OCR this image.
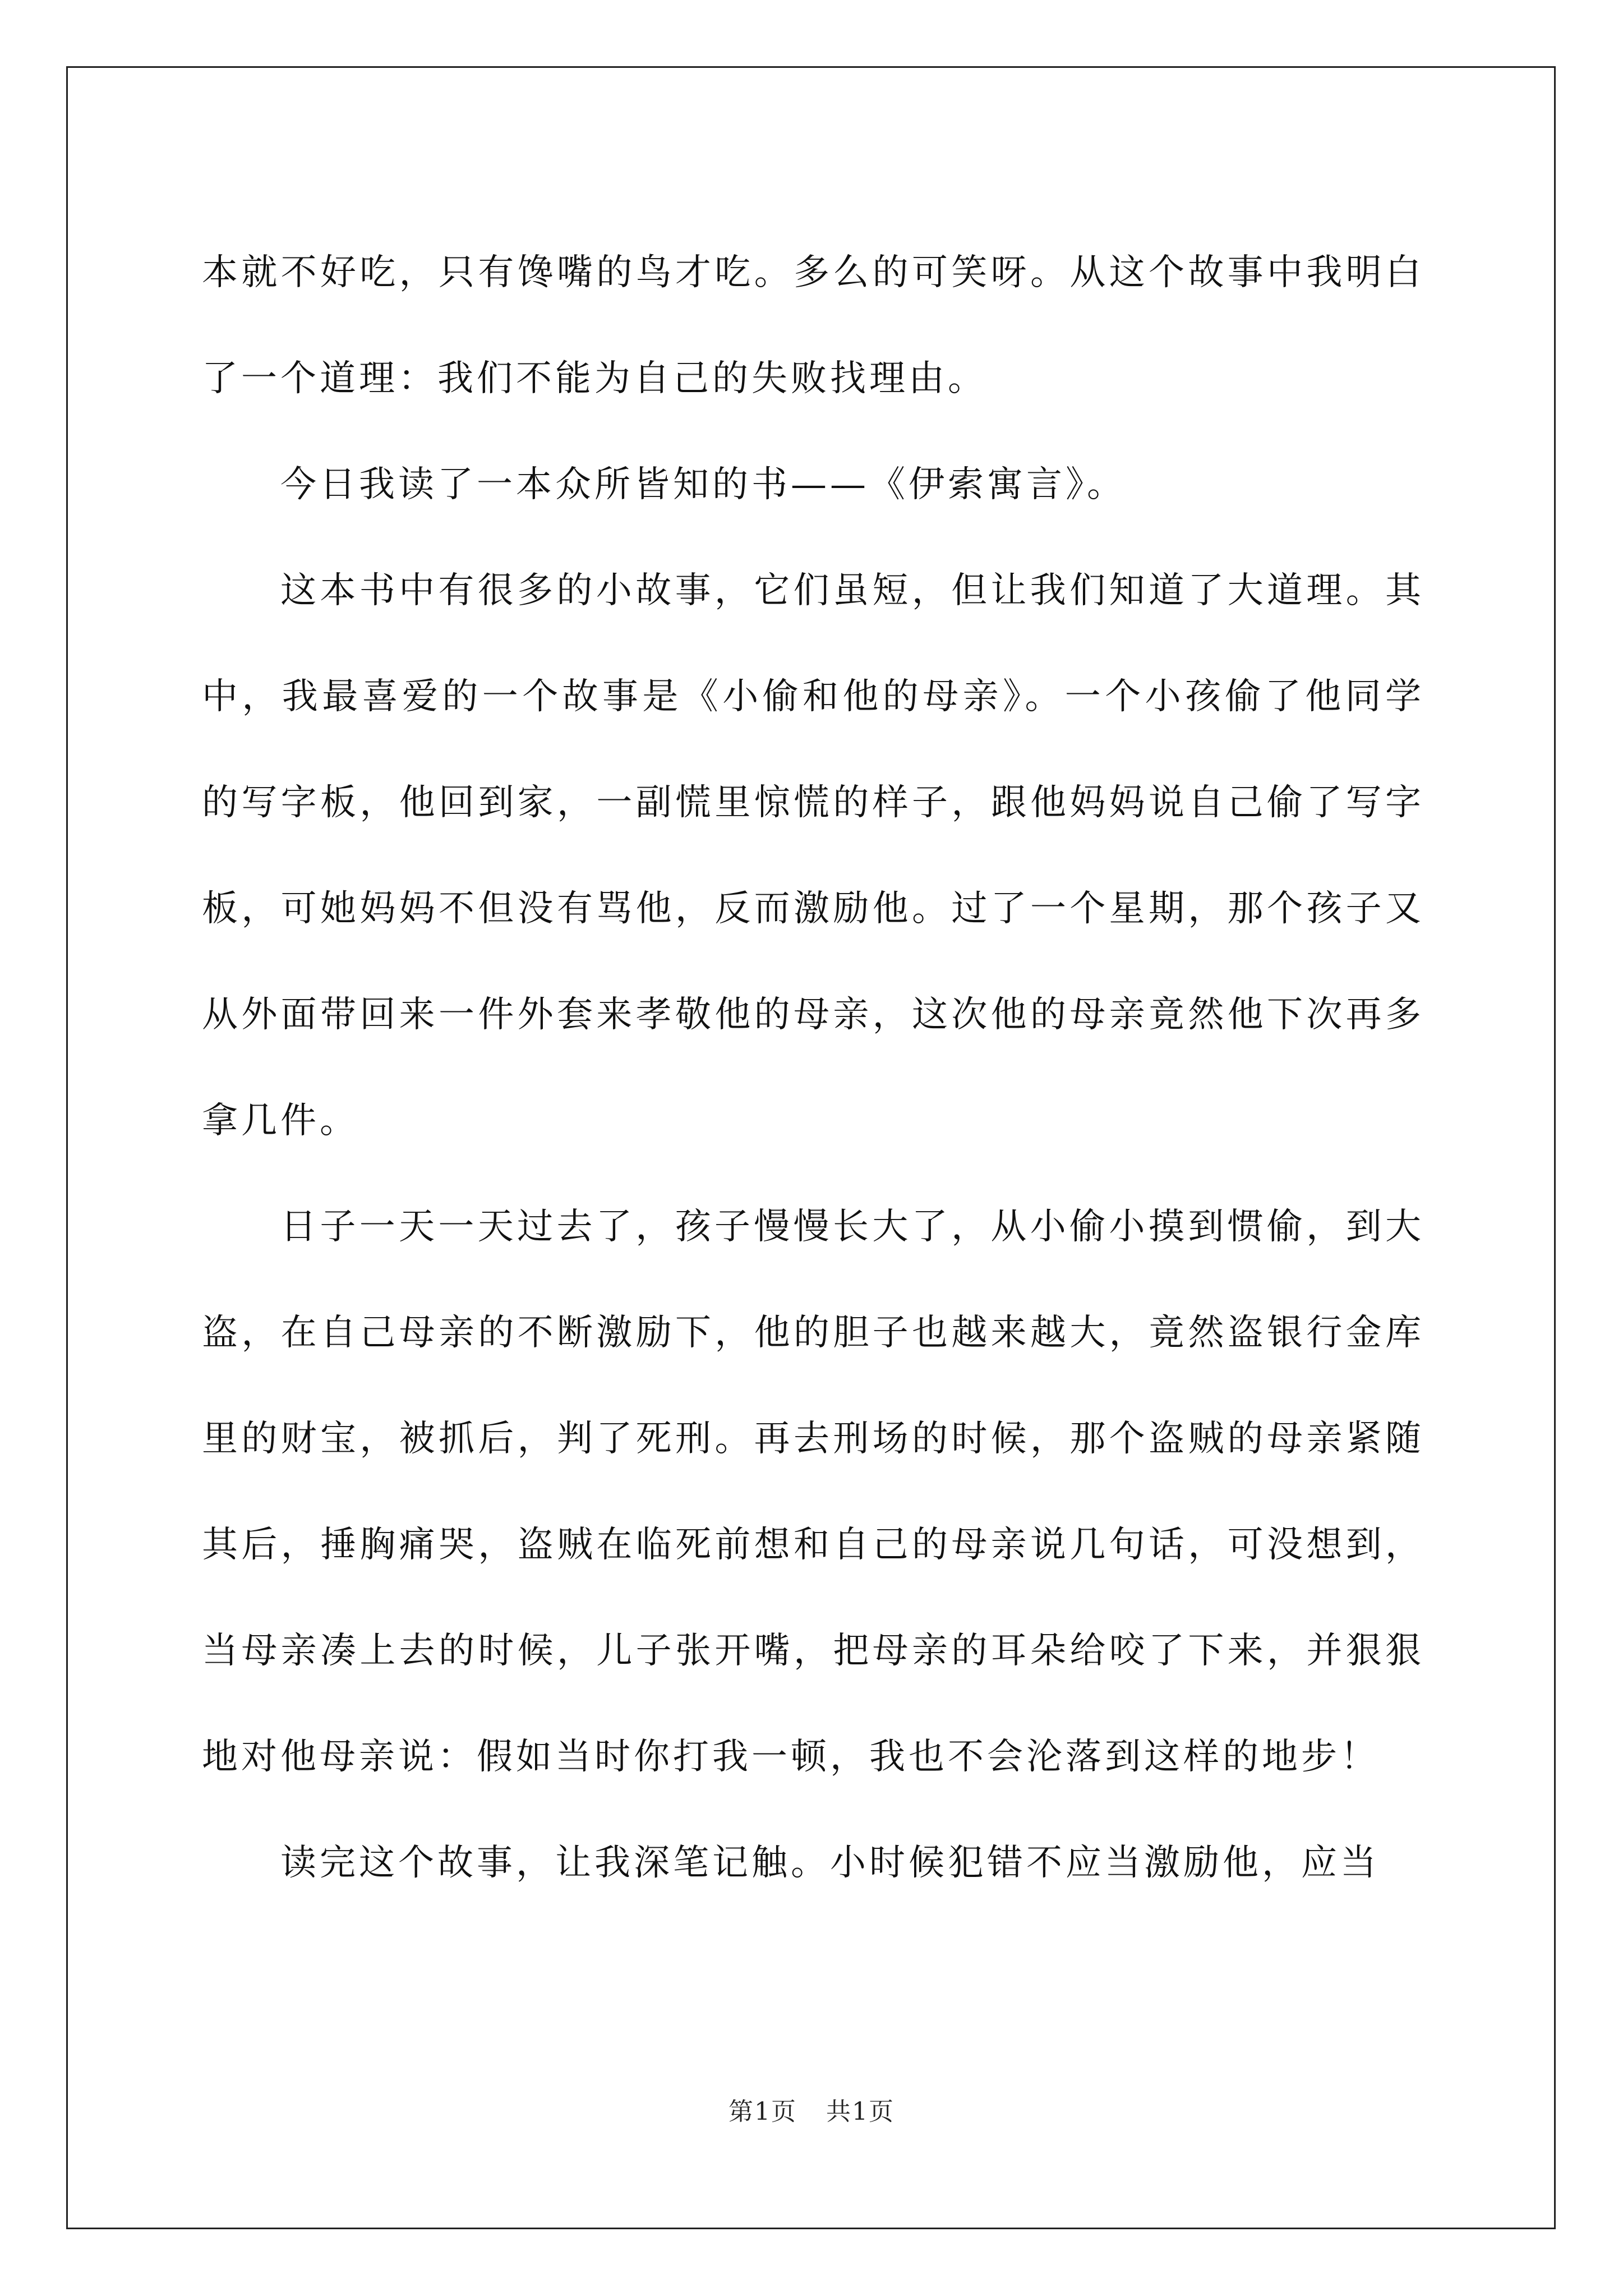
本就不好吃，只有馋嘴的鸟才吃。多么的可笑呀。从这个故事中我明白了一个道理：我们不能为自己的失败找理由。

今日我读了一本众所皆知的书——《伊索寓言》。

这本书中有很多的小故事，它们虽短，但让我们知道了大道理。其中，我最喜爱的一个故事是《小偷和他的母亲》。一个小孩偷了他同学的写字板，他回到家，一副慌里惊慌的样子，跟他妈妈说自己偷了写字板，可她妈妈不但没有骂他，反而激励他。过了一个星期，那个孩子又从外面带回来一件外套来孝敬他的母亲，这次他的母亲竟然他下次再多拿几件。

日子一天一天过去了，孩子慢慢长大了，从小偷小摸到惯偷，到大盗，在自己母亲的不断激励下，他的胆子也越来越大，竟然盗银行金库里的财宝，被抓后，判了死刑。再去刑场的时候，那个盗贼的母亲紧随其后，捶胸痛哭，盗贼在临死前想和自己的母亲说几句话，可没想到，当母亲凑上去的时候，儿子张开嘴，把母亲的耳朵给咬了下来，并狠狠地对他母亲说：假如当时你打我一顿，我也不会沦落到这样的地步！

读完这个故事，让我深笔记触。小时候犯错不应当激励他，应当

第1页 共1页
